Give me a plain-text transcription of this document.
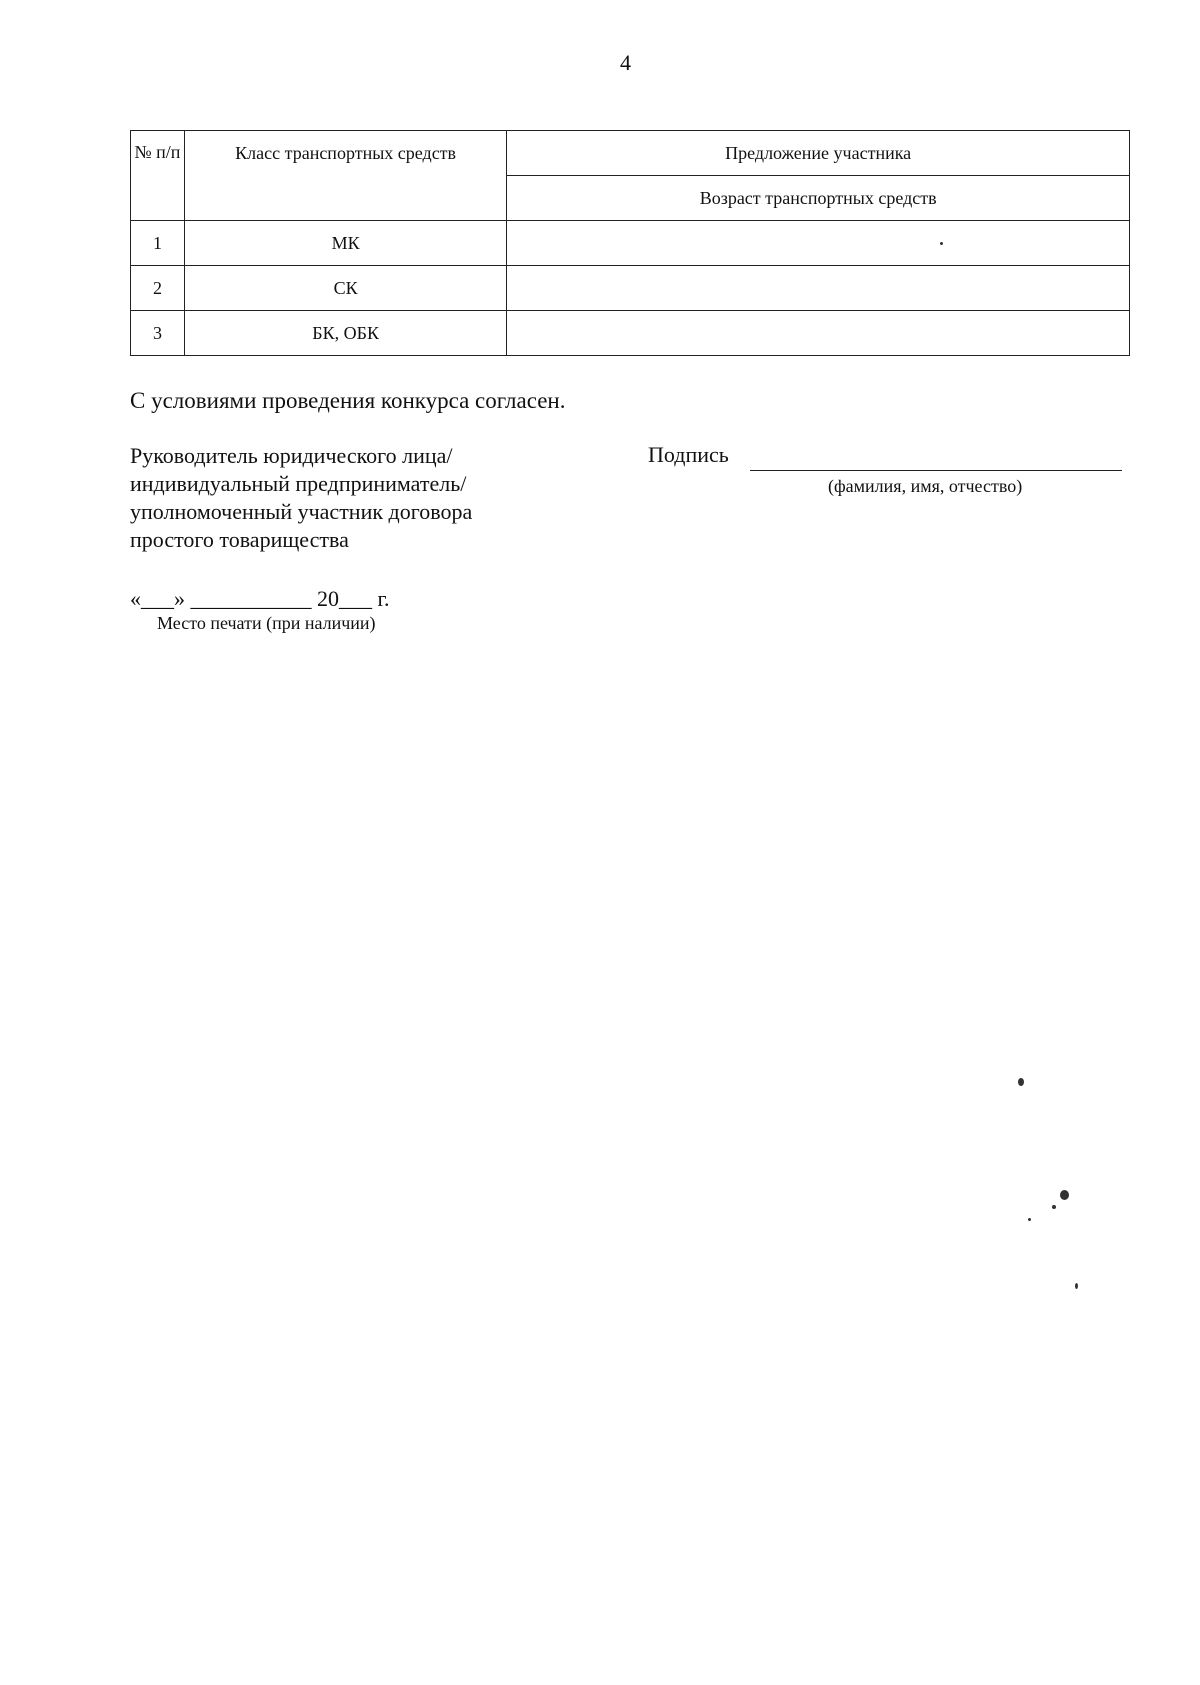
4
№ п/п	Класс транспортных средств	Предложение участника
		Возраст транспортных средств
1	МК	
2	СК	
3	БК, ОБК	
С условиями проведения конкурса согласен.
Руководитель юридического лица/
индивидуальный предприниматель/
уполномоченный участник договора
простого товарищества
Подпись
(фамилия, имя, отчество)
«___» ___________ 20___ г.
Место печати (при наличии)
